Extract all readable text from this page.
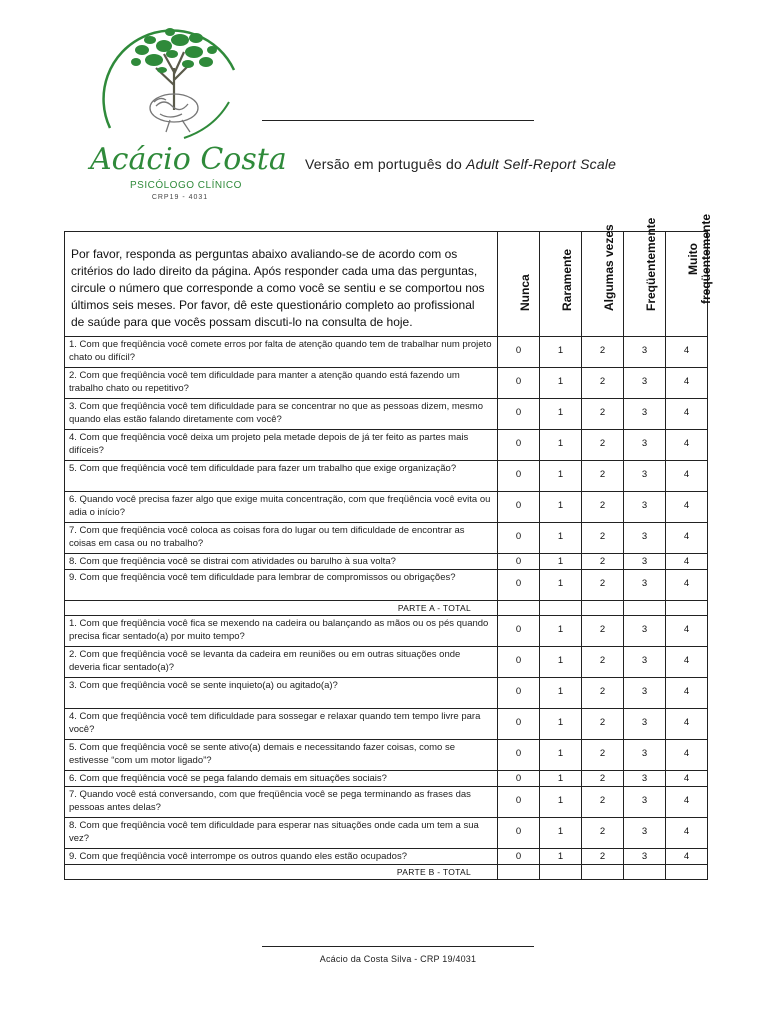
Acácio Costa
PSICÓLOGO CLÍNICO
CRP19 - 4031
Versão em português do Adult Self-Report Scale
Por favor, responda as perguntas abaixo avaliando-se de acordo com os critérios do lado direito da página. Após responder cada uma das perguntas, circule o número que corresponde a como você se sentiu e se comportou nos últimos seis meses. Por favor, dê este questionário completo ao profissional de saúde para que vocês possam discuti-lo na consulta de hoje.	Nunca	Raramente	Algumas vezes	Freqüentemente	Muito
freqüentemente

1. Com que freqüência você comete erros por falta de atenção quando tem de trabalhar num projeto chato ou difícil?	0	1	2	3	4
2. Com que freqüência você tem dificuldade para manter a atenção quando está fazendo um trabalho chato ou repetitivo?	0	1	2	3	4
3. Com que freqüência você tem dificuldade para se concentrar no que as pessoas dizem, mesmo quando elas estão falando diretamente com você?	0	1	2	3	4
4. Com que freqüência você deixa um projeto pela metade depois de já ter feito as partes mais difíceis?	0	1	2	3	4
5. Com que freqüência você tem dificuldade para fazer um trabalho que exige organização?	0	1	2	3	4
6. Quando você precisa fazer algo que exige muita concentração, com que freqüência você evita ou adia o início?	0	1	2	3	4
7. Com que freqüência você coloca as coisas fora do lugar ou tem dificuldade de encontrar as coisas em casa ou no trabalho?	0	1	2	3	4
8. Com que freqüência você se distrai com atividades ou barulho à sua volta?	0	1	2	3	4
9. Com que freqüência você tem dificuldade para lembrar de compromissos ou obrigações?	0	1	2	3	4
PARTE A - TOTAL					
1. Com que freqüência você fica se mexendo na cadeira ou balançando as mãos ou os pés quando precisa ficar sentado(a) por muito tempo?	0	1	2	3	4
2. Com que freqüência você se levanta da cadeira em reuniões ou em outras situações onde deveria ficar sentado(a)?	0	1	2	3	4
3. Com que freqüência você se sente inquieto(a) ou agitado(a)?	0	1	2	3	4
4. Com que freqüência você tem dificuldade para sossegar e relaxar quando tem tempo livre para você?	0	1	2	3	4
5. Com que freqüência você se sente ativo(a) demais e necessitando fazer coisas, como se estivesse “com um motor ligado”?	0	1	2	3	4
6. Com que freqüência você se pega falando demais em situações sociais?	0	1	2	3	4
7. Quando você está conversando, com que freqüência você se pega terminando as frases das pessoas antes delas?	0	1	2	3	4
8. Com que freqüência você tem dificuldade para esperar nas situações onde cada um tem a sua vez?	0	1	2	3	4
9. Com que freqüência você interrompe os outros quando eles estão ocupados?	0	1	2	3	4
PARTE B - TOTAL					
Acácio da Costa Silva - CRP 19/4031
